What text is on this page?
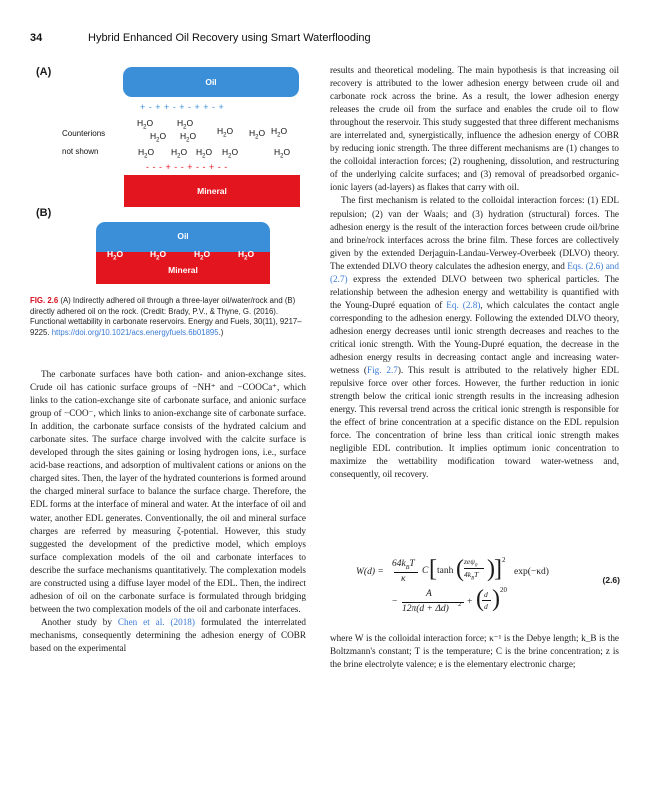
34	Hybrid Enhanced Oil Recovery using Smart Waterflooding
(A)
Oil
+ - + + - + - + + - +
Counterions
not shown
$H_2O$	$H_2O$
$H_2O$ $H_2O$ $H_2O$ $H_2O$ $H_2O$
$H_2O$ $H_2O$ $H_2O$ $H_2O$	$H_2O$
- - - + - - + - - + - -
Mineral
(B)
Oil
Mineral
$H_2O$	$H_2O$	$H_2O$	$H_2O$
FIG. 2.6 (A) Indirectly adhered oil through a three-layer oil/water/rock and (B) directly adhered oil on the rock. (Credit: Brady, P.V., & Thyne, G. (2016). Functional wettability in carbonate reservoirs. Energy and Fuels, 30(11), 9217–9225. https://doi.org/10.1021/acs.energyfuels.6b01895.)

The carbonate surfaces have both cation- and anion-exchange sites. Crude oil has cationic surface groups of −NH⁺ and −COOCa⁺, which links to the cation-exchange site of carbonate surface, and anionic surface group of −COO⁻, which links to anion-exchange site of carbonate surface. In addition, the carbonate surface consists of the hydrated calcium and carbonate sites. The surface charge involved with the calcite surface is developed through the sites gaining or losing hydrogen ions, i.e., surface acid-base reactions, and adsorption of multivalent cations or anions on the charged sites. Then, the layer of the hydrated counterions is formed around the charged mineral surface to balance the surface charge. Therefore, the EDL forms at the interface of mineral and water. At the interface of oil and water, another EDL generates. Conventionally, the oil and mineral surface charges are referred by measuring ζ-potential. However, this study suggested the development of the predictive model, which employs surface complexation models of the oil and carbonate interfaces to describe the surface mechanisms quantitatively. The complexation models are constructed using a diffuse layer model of the EDL. Then, the indirect adhesion of oil on the carbonate surface is formulated through bridging between the two complexation models of the oil and carbonate interfaces.

Another study by Chen et al. (2018) formulated the interrelated mechanisms, consequently determining the adhesion energy of COBR based on the experimental

results and theoretical modeling. The main hypothesis is that increasing oil recovery is attributed to the lower adhesion energy between crude oil and carbonate rock across the brine. As a result, the lower adhesion energy releases the crude oil from the surface and enables the crude oil to flow throughout the reservoir. This study suggested that three different mechanisms are interrelated and, synergistically, influence the adhesion energy of COBR by reducing ionic strength. The three different mechanisms are (1) changes to the colloidal interaction forces; (2) roughening, dissolution, and restructuring of the underlying calcite surfaces; and (3) removal of preadsorbed organic-ionic layers (ad-layers) as flakes that carry with oil.

The first mechanism is related to the colloidal interaction forces: (1) EDL repulsion; (2) van der Waals; and (3) hydration (structural) forces. The adhesion energy is the result of the interaction forces between crude oil/brine and brine/rock interfaces across the brine film. These forces are collectively given by the extended Derjaguin-Landau-Verwey-Overbeek (DLVO) theory. The extended DLVO theory calculates the adhesion energy, and Eqs. (2.6) and (2.7) express the extended DLVO between two spherical particles. The relationship between the adhesion energy and wettability is quantified with the Young-Dupré equation of Eq. (2.8), which calculates the contact angle corresponding to the adhesion energy. Following the extended DLVO theory, adhesion energy decreases until ionic strength decreases and reaches to the critical ionic strength. With the Young-Dupré equation, the decrease in the adhesion energy results in decreasing contact angle and increasing water-wetness (Fig. 2.7). This result is attributed to the relatively higher EDL repulsive force over other forces. However, the further reduction in ionic strength below the critical ionic strength results in the increasing adhesion energy. This reversal trend across the critical ionic strength is responsible for the effect of brine concentration at a specific distance on the EDL repulsion force. The concentration of brine less than critical ionic strength makes negligible EDL contribution. It implies optimum ionic concentration to maximize the wettability modification toward water-wetness and, consequently, oil recovery.

W(d) =
$64k_BT$
κ
C [ tanh ( zeψ$_0$
$4k_BT$ ) ] 2
exp(−κd)
−
A
12π(d + Δd) 2 + ( d
d ) 20
(2.6)

where W is the colloidal interaction force; κ⁻¹ is the Debye length; k_B is the Boltzmann's constant; T is the temperature; C is the brine concentration; z is the brine electrolyte valence; e is the elementary electronic charge;
